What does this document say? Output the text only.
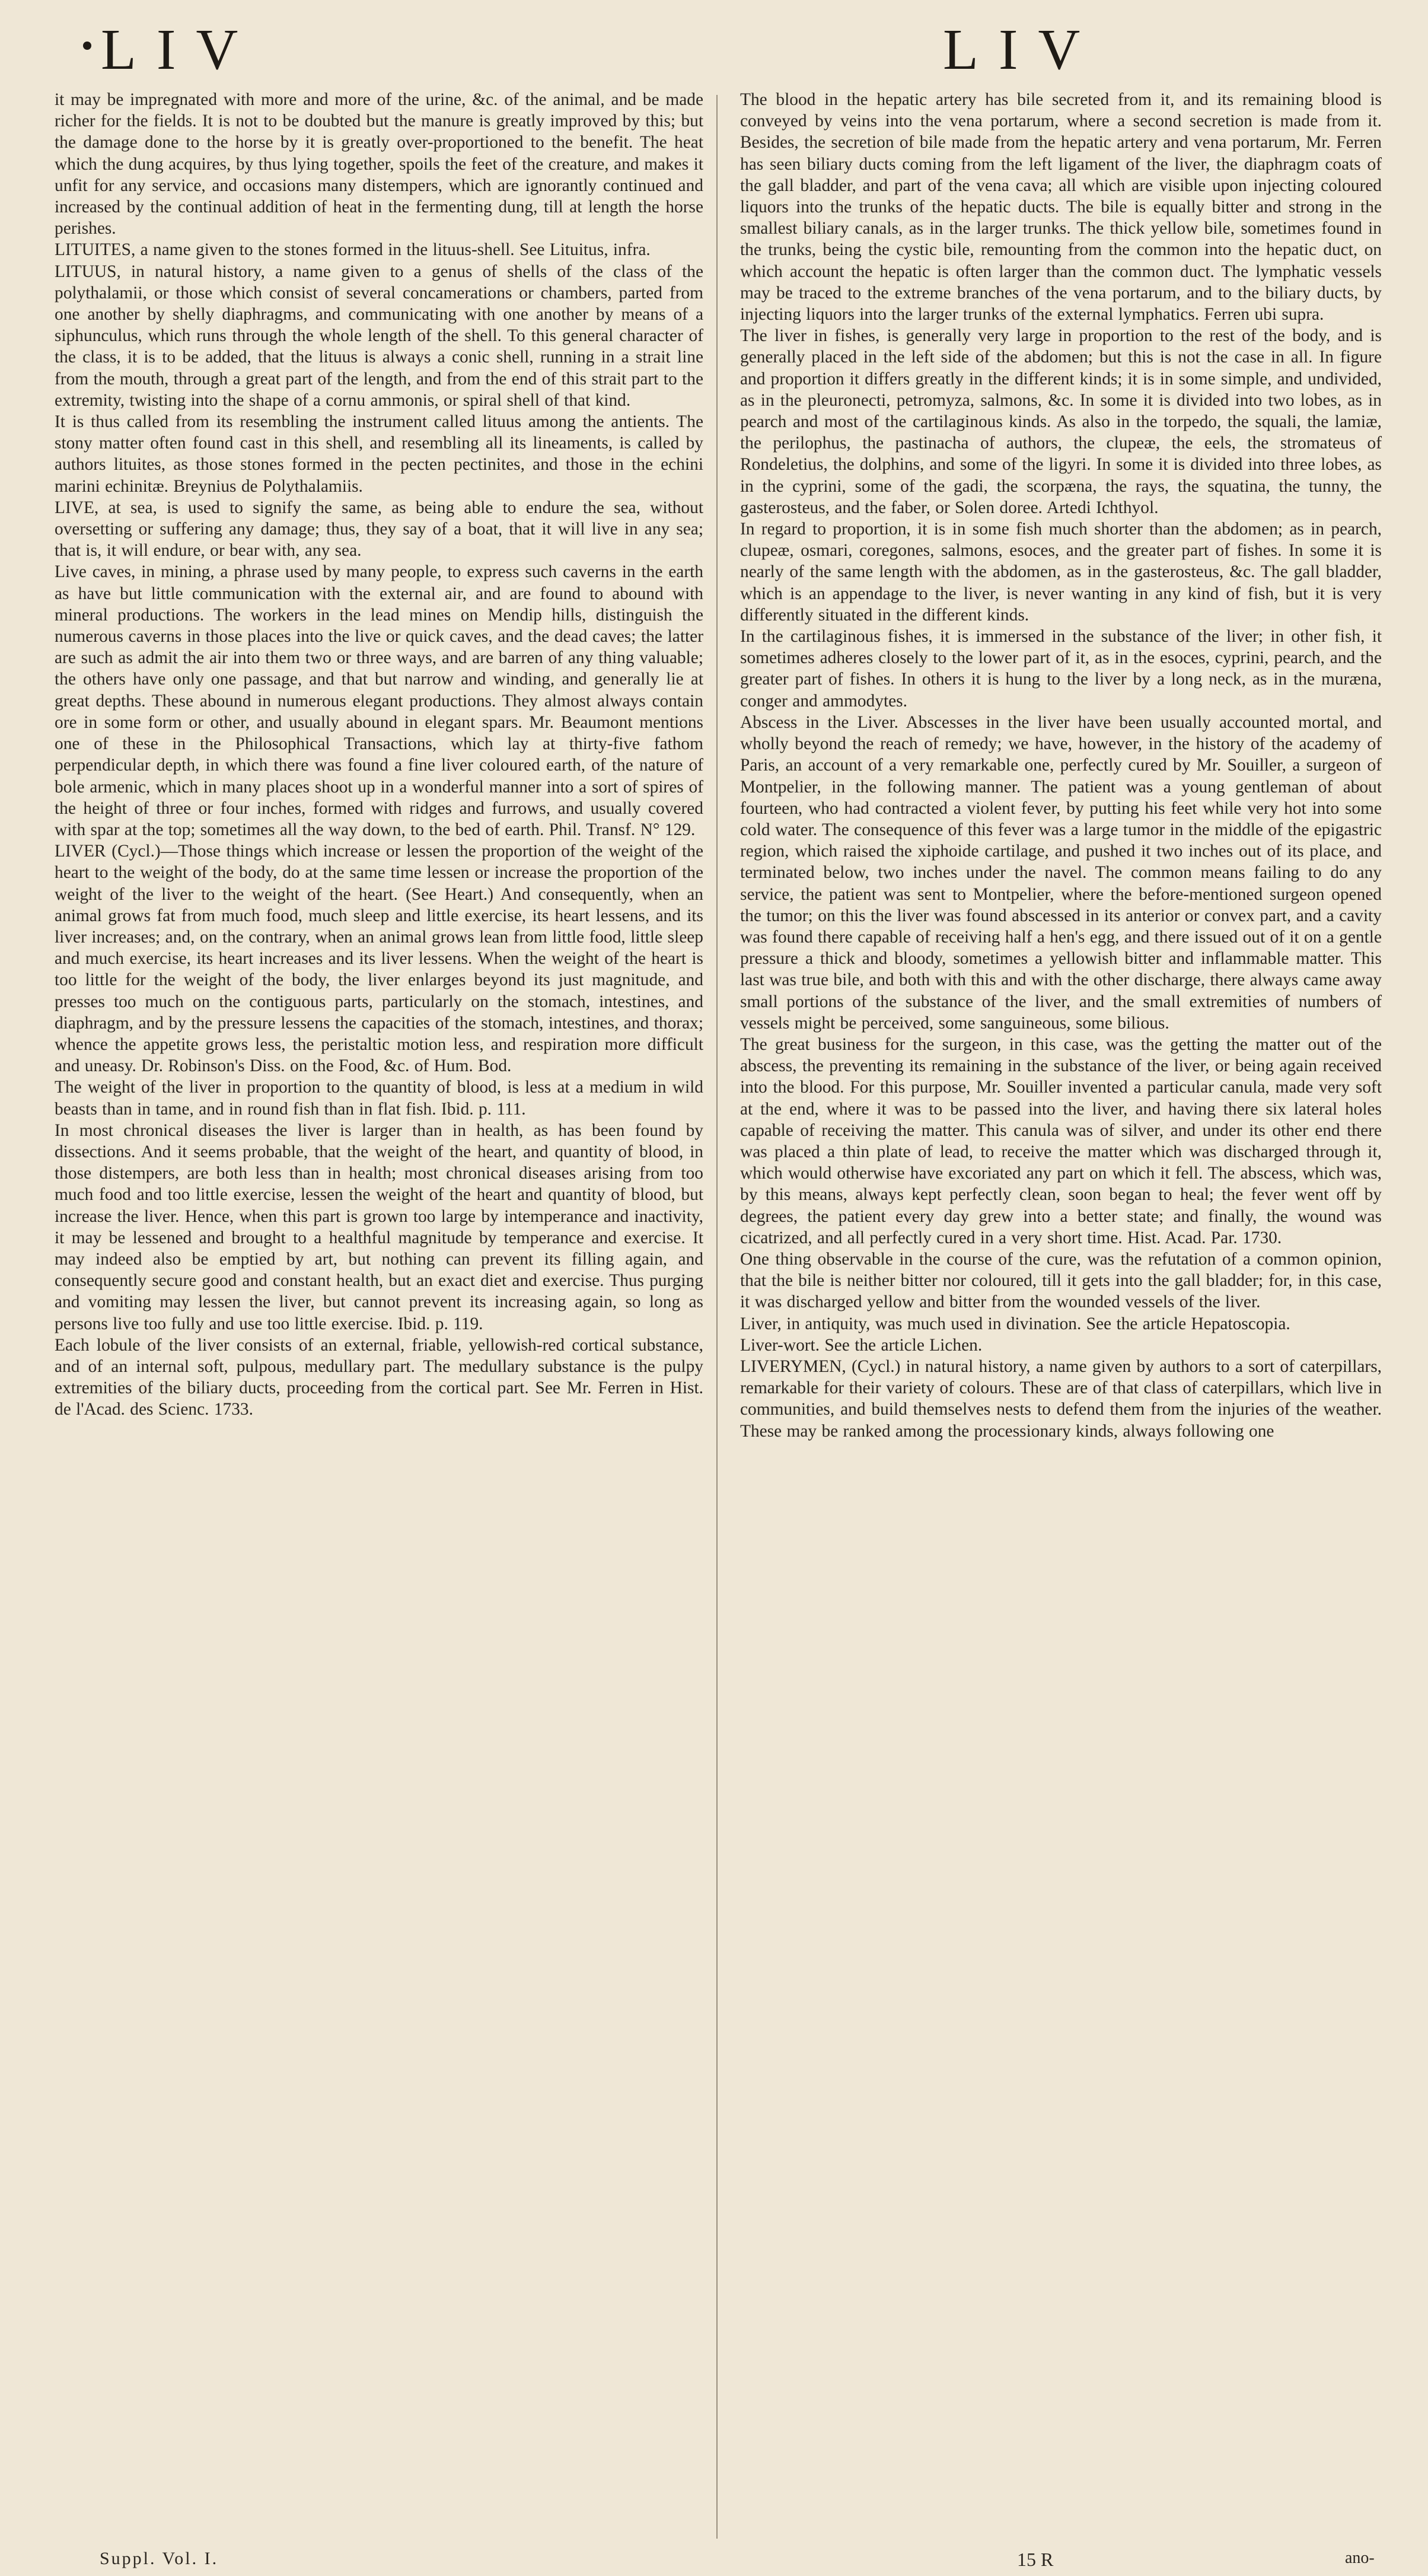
LIV	LIV

it may be impregnated with more and more of the urine, &c. of the animal, and be made richer for the fields. It is not to be doubted but the manure is greatly improved by this; but the damage done to the horse by it is greatly over-proportioned to the benefit. The heat which the dung acquires, by thus lying together, spoils the feet of the creature, and makes it unfit for any service, and occasions many distempers, which are ignorantly continued and increased by the continual addition of heat in the fermenting dung, till at length the horse perishes.

LITUITES, a name given to the stones formed in the lituus-shell. See Lituitus, infra.

LITUUS, in natural history, a name given to a genus of shells of the class of the polythalamii, or those which consist of several concamerations or chambers, parted from one another by shelly diaphragms, and communicating with one another by means of a siphunculus, which runs through the whole length of the shell. To this general character of the class, it is to be added, that the lituus is always a conic shell, running in a strait line from the mouth, through a great part of the length, and from the end of this strait part to the extremity, twisting into the shape of a cornu ammonis, or spiral shell of that kind.

It is thus called from its resembling the instrument called lituus among the antients. The stony matter often found cast in this shell, and resembling all its lineaments, is called by authors lituites, as those stones formed in the pecten pectinites, and those in the echini marini echinitæ. Breynius de Polythalamiis.

LIVE, at sea, is used to signify the same, as being able to endure the sea, without oversetting or suffering any damage; thus, they say of a boat, that it will live in any sea; that is, it will endure, or bear with, any sea.

Live caves, in mining, a phrase used by many people, to express such caverns in the earth as have but little communication with the external air, and are found to abound with mineral productions. The workers in the lead mines on Mendip hills, distinguish the numerous caverns in those places into the live or quick caves, and the dead caves; the latter are such as admit the air into them two or three ways, and are barren of any thing valuable; the others have only one passage, and that but narrow and winding, and generally lie at great depths. These abound in numerous elegant productions. They almost always contain ore in some form or other, and usually abound in elegant spars. Mr. Beaumont mentions one of these in the Philosophical Transactions, which lay at thirty-five fathom perpendicular depth, in which there was found a fine liver coloured earth, of the nature of bole armenic, which in many places shoot up in a wonderful manner into a sort of spires of the height of three or four inches, formed with ridges and furrows, and usually covered with spar at the top; sometimes all the way down, to the bed of earth. Phil. Transf. N° 129.

LIVER (Cycl.)—Those things which increase or lessen the proportion of the weight of the heart to the weight of the body, do at the same time lessen or increase the proportion of the weight of the liver to the weight of the heart. (See Heart.) And consequently, when an animal grows fat from much food, much sleep and little exercise, its heart lessens, and its liver increases; and, on the contrary, when an animal grows lean from little food, little sleep and much exercise, its heart increases and its liver lessens. When the weight of the heart is too little for the weight of the body, the liver enlarges beyond its just magnitude, and presses too much on the contiguous parts, particularly on the stomach, intestines, and diaphragm, and by the pressure lessens the capacities of the stomach, intestines, and thorax; whence the appetite grows less, the peristaltic motion less, and respiration more difficult and uneasy. Dr. Robinson's Diss. on the Food, &c. of Hum. Bod.

The weight of the liver in proportion to the quantity of blood, is less at a medium in wild beasts than in tame, and in round fish than in flat fish. Ibid. p. 111.

In most chronical diseases the liver is larger than in health, as has been found by dissections. And it seems probable, that the weight of the heart, and quantity of blood, in those distempers, are both less than in health; most chronical diseases arising from too much food and too little exercise, lessen the weight of the heart and quantity of blood, but increase the liver. Hence, when this part is grown too large by intemperance and inactivity, it may be lessened and brought to a healthful magnitude by temperance and exercise. It may indeed also be emptied by art, but nothing can prevent its filling again, and consequently secure good and constant health, but an exact diet and exercise. Thus purging and vomiting may lessen the liver, but cannot prevent its increasing again, so long as persons live too fully and use too little exercise. Ibid. p. 119.

Each lobule of the liver consists of an external, friable, yellowish-red cortical substance, and of an internal soft, pulpous, medullary part. The medullary substance is the pulpy extremities of the biliary ducts, proceeding from the cortical part. See Mr. Ferren in Hist. de l'Acad. des Scienc. 1733.

The blood in the hepatic artery has bile secreted from it, and its remaining blood is conveyed by veins into the vena portarum, where a second secretion is made from it. Besides, the secretion of bile made from the hepatic artery and vena portarum, Mr. Ferren has seen biliary ducts coming from the left ligament of the liver, the diaphragm coats of the gall bladder, and part of the vena cava; all which are visible upon injecting coloured liquors into the trunks of the hepatic ducts. The bile is equally bitter and strong in the smallest biliary canals, as in the larger trunks. The thick yellow bile, sometimes found in the trunks, being the cystic bile, remounting from the common into the hepatic duct, on which account the hepatic is often larger than the common duct. The lymphatic vessels may be traced to the extreme branches of the vena portarum, and to the biliary ducts, by injecting liquors into the larger trunks of the external lymphatics. Ferren ubi supra.

The liver in fishes, is generally very large in proportion to the rest of the body, and is generally placed in the left side of the abdomen; but this is not the case in all. In figure and proportion it differs greatly in the different kinds; it is in some simple, and undivided, as in the pleuronecti, petromyza, salmons, &c. In some it is divided into two lobes, as in pearch and most of the cartilaginous kinds. As also in the torpedo, the squali, the lamiæ, the perilophus, the pastinacha of authors, the clupeæ, the eels, the stromateus of Rondeletius, the dolphins, and some of the ligyri. In some it is divided into three lobes, as in the cyprini, some of the gadi, the scorpæna, the rays, the squatina, the tunny, the gasterosteus, and the faber, or Solen doree. Artedi Ichthyol.

In regard to proportion, it is in some fish much shorter than the abdomen; as in pearch, clupeæ, osmari, coregones, salmons, esoces, and the greater part of fishes. In some it is nearly of the same length with the abdomen, as in the gasterosteus, &c. The gall bladder, which is an appendage to the liver, is never wanting in any kind of fish, but it is very differently situated in the different kinds.

In the cartilaginous fishes, it is immersed in the substance of the liver; in other fish, it sometimes adheres closely to the lower part of it, as in the esoces, cyprini, pearch, and the greater part of fishes. In others it is hung to the liver by a long neck, as in the muræna, conger and ammodytes.

Abscess in the Liver. Abscesses in the liver have been usually accounted mortal, and wholly beyond the reach of remedy; we have, however, in the history of the academy of Paris, an account of a very remarkable one, perfectly cured by Mr. Souiller, a surgeon of Montpelier, in the following manner. The patient was a young gentleman of about fourteen, who had contracted a violent fever, by putting his feet while very hot into some cold water. The consequence of this fever was a large tumor in the middle of the epigastric region, which raised the xiphoide cartilage, and pushed it two inches out of its place, and terminated below, two inches under the navel. The common means failing to do any service, the patient was sent to Montpelier, where the before-mentioned surgeon opened the tumor; on this the liver was found abscessed in its anterior or convex part, and a cavity was found there capable of receiving half a hen's egg, and there issued out of it on a gentle pressure a thick and bloody, sometimes a yellowish bitter and inflammable matter. This last was true bile, and both with this and with the other discharge, there always came away small portions of the substance of the liver, and the small extremities of numbers of vessels might be perceived, some sanguineous, some bilious.

The great business for the surgeon, in this case, was the getting the matter out of the abscess, the preventing its remaining in the substance of the liver, or being again received into the blood. For this purpose, Mr. Souiller invented a particular canula, made very soft at the end, where it was to be passed into the liver, and having there six lateral holes capable of receiving the matter. This canula was of silver, and under its other end there was placed a thin plate of lead, to receive the matter which was discharged through it, which would otherwise have excoriated any part on which it fell. The abscess, which was, by this means, always kept perfectly clean, soon began to heal; the fever went off by degrees, the patient every day grew into a better state; and finally, the wound was cicatrized, and all perfectly cured in a very short time. Hist. Acad. Par. 1730.

One thing observable in the course of the cure, was the refutation of a common opinion, that the bile is neither bitter nor coloured, till it gets into the gall bladder; for, in this case, it was discharged yellow and bitter from the wounded vessels of the liver.

Liver, in antiquity, was much used in divination. See the article Hepatoscopia.

Liver-wort. See the article Lichen.

LIVERYMEN, (Cycl.) in natural history, a name given by authors to a sort of caterpillars, remarkable for their variety of colours. These are of that class of caterpillars, which live in communities, and build themselves nests to defend them from the injuries of the weather. These may be ranked among the processionary kinds, always following one

Suppl. Vol. I.	15 R	ano-
